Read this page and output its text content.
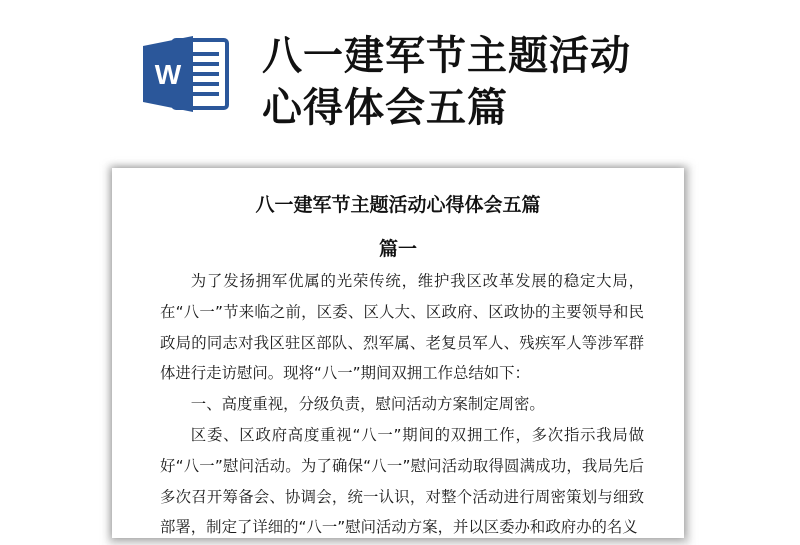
W 八一建军节主题活动
心得体会五篇
八一建军节主题活动心得体会五篇
篇一

为了发扬拥军优属的光荣传统，维护我区改革发展的稳定大局，在“八一”节来临之前，区委、区人大、区政府、区政协的主要领导和民政局的同志对我区驻区部队、烈军属、老复员军人、残疾军人等涉军群体进行走访慰问。现将“八一”期间双拥工作总结如下：

一、高度重视，分级负责，慰问活动方案制定周密。

区委、区政府高度重视“八一”期间的双拥工作，多次指示我局做好“八一”慰问活动。为了确保“八一”慰问活动取得圆满成功，我局先后多次召开筹备会、协调会，统一认识，对整个活动进行周密策划与细致部署，制定了详细的“八一”慰问活动方案，并以区委办和政府办的名义
